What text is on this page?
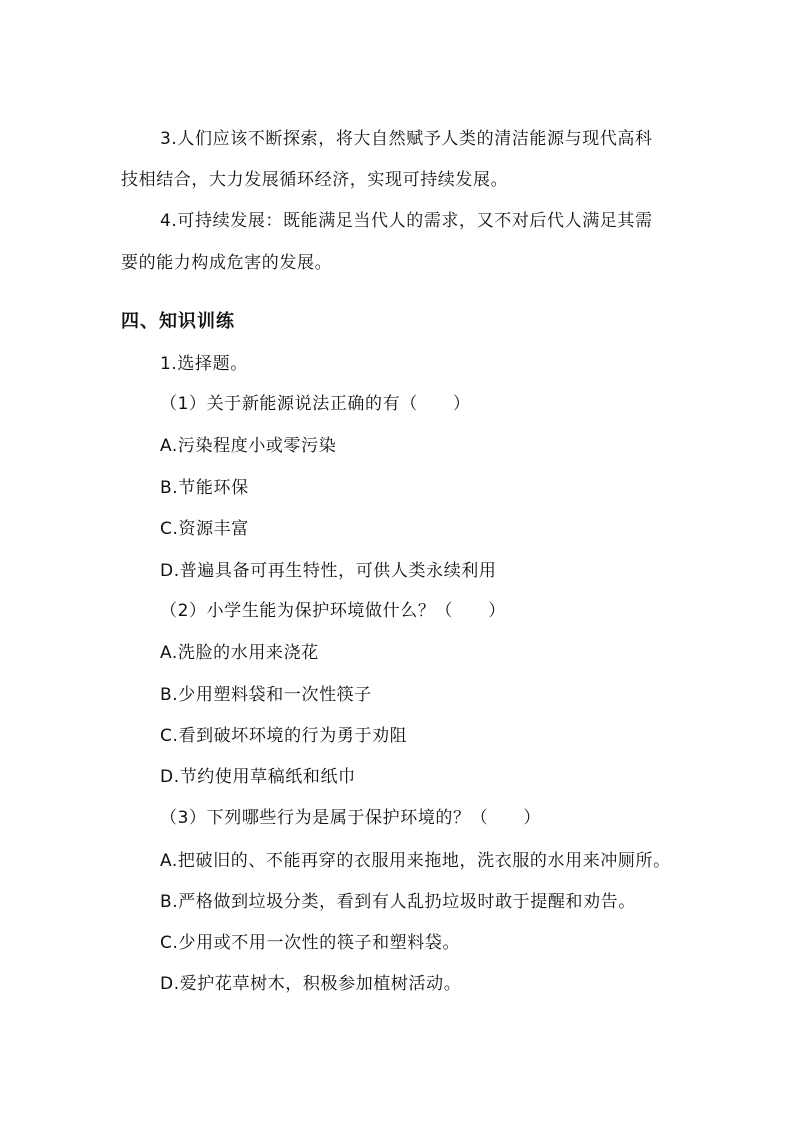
3.人们应该不断探索，将大自然赋予人类的清洁能源与现代高科
技相结合，大力发展循环经济，实现可持续发展。
4.可持续发展：既能满足当代人的需求，又不对后代人满足其需
要的能力构成危害的发展。
四、知识训练
1.选择题。
（1）关于新能源说法正确的有（　　）
A.污染程度小或零污染
B.节能环保
C.资源丰富
D.普遍具备可再生特性，可供人类永续利用
（2）小学生能为保护环境做什么？（　　）
A.洗脸的水用来浇花
B.少用塑料袋和一次性筷子
C.看到破坏环境的行为勇于劝阻
D.节约使用草稿纸和纸巾
（3）下列哪些行为是属于保护环境的？（　　）
A.把破旧的、不能再穿的衣服用来拖地，洗衣服的水用来冲厕所。
B.严格做到垃圾分类，看到有人乱扔垃圾时敢于提醒和劝告。
C.少用或不用一次性的筷子和塑料袋。
D.爱护花草树木，积极参加植树活动。
